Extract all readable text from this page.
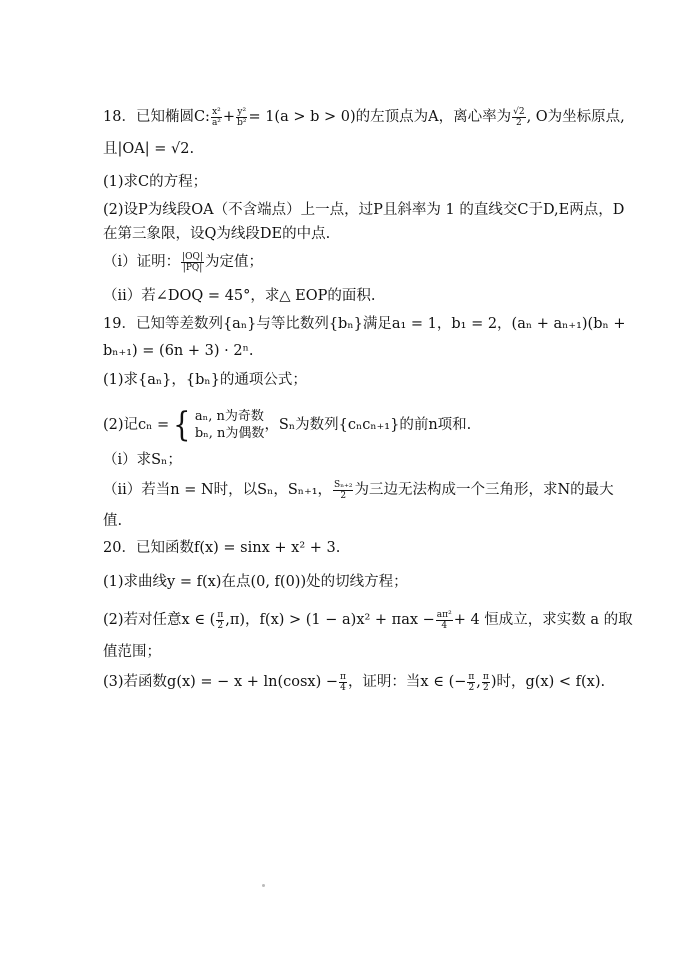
18．已知椭圆C: $\frac{\text{x²}}{\text{a²}} + \frac{\text{y²}}{\text{b²}} = 1(a > b > 0)$的左顶点为A，离心率为 $\frac{√2}{2}$ , O为坐标原点,
且|OA| = √2.
(1)求C的方程；
(2)设P为线段OA（不含端点）上一点，过P且斜率为 1 的直线交C于D,E两点，D
在第三象限，设Q为线段DE的中点.
（i）证明： $\frac{|OQ|}{|PQ|}$ 为定值；
（ii）若∠DOQ = 45°，求△ EOP的面积.
19．已知等差数列{aₙ}与等比数列{bₙ}满足a₁ = 1，b₁ = 2，(aₙ + aₙ₊₁)(bₙ +
bₙ₊₁) = (6n + 3) · 2ⁿ.
(1)求{aₙ}，{bₙ}的通项公式；
(2)记cₙ = { aₙ, n为奇数
bₙ, n为偶数
，Sₙ为数列{cₙcₙ₊₁}的前n项和.
（i）求Sₙ；
（ii）若当n = N时，以Sₙ，Sₙ₊₁， $\frac{\text{Sₙ₊₂}}{2}$ 为三边无法构成一个三角形，求N的最大
值.
20．已知函数f(x) = sinx + x² + 3.
(1)求曲线y = f(x)在点(0, f(0))处的切线方程；
(2)若对任意x ∈ ( $\frac{\pi}{2} ,\pi$)，$f(x) > (1 - a)x^2 + \pi ax - \frac{\text{aπ²}}{4} + 4$ 恒成立，求实数 a 的取
值范围；
(3)若函数g(x) = − $x + \ln(\cos x) - \frac{\pi}{4}$ ，证明：当x ∈ (− $\frac{\pi}{2}$ , $\frac{\pi}{2}$ )时，g(x) < f(x).
